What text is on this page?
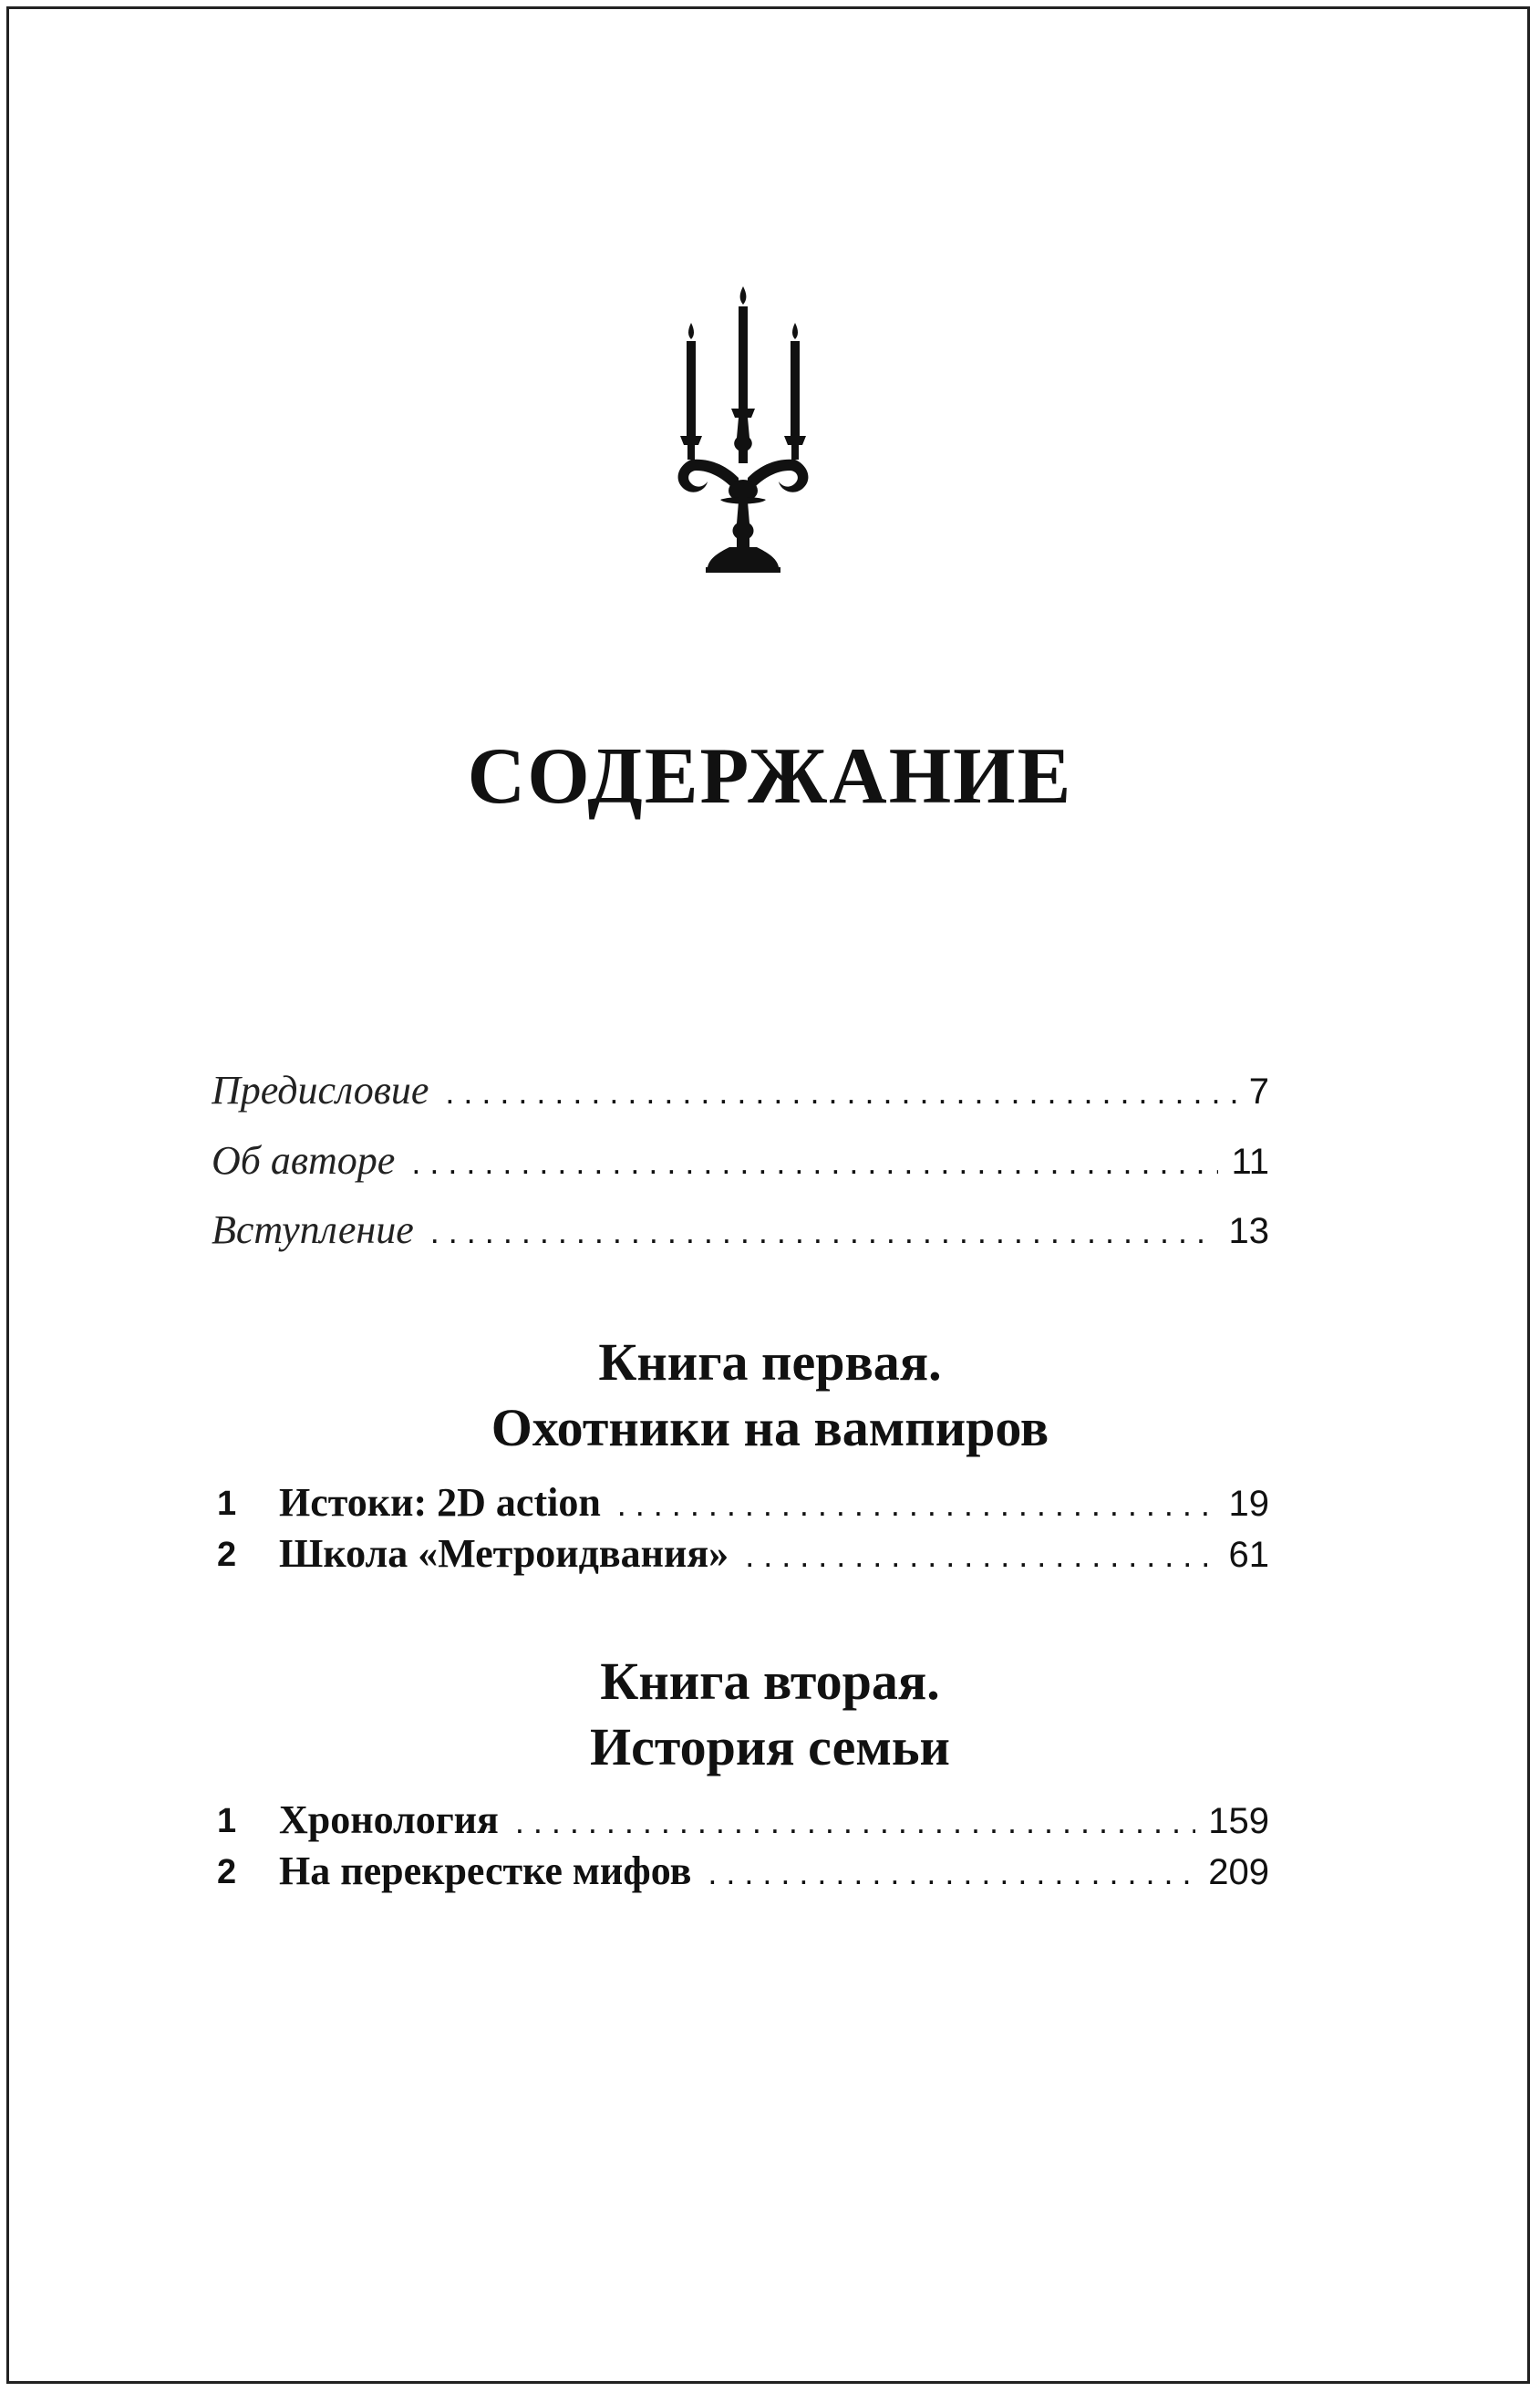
СОДЕРЖАНИЕ
Предисловие . . .	7
Об авторе . . .	11
Вступление . . .	13
Книга первая.
Охотники на вампиров
1 Истоки: 2D action . . .	19
2 Школа «Метроидвания» . . .	61
Книга вторая.
История семьи
1 Хронология . . .	159
2 На перекрестке мифов . . .	209
